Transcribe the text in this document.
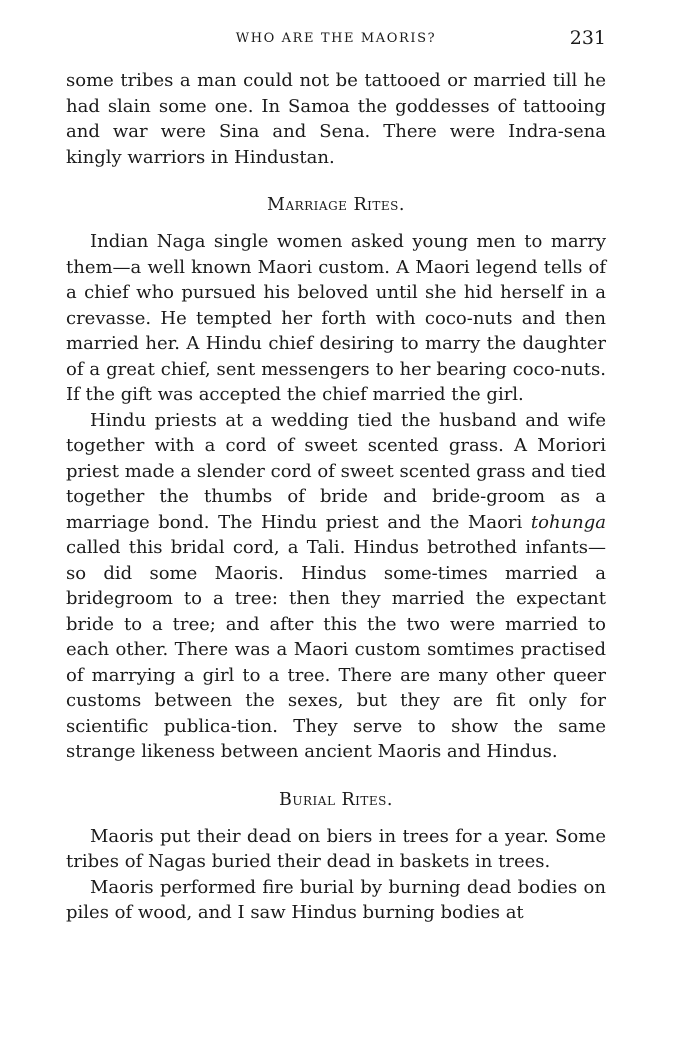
WHO ARE THE MAORIS?	231

some tribes a man could not be tattooed or married till he had slain some one. In Samoa the goddesses of tattooing and war were Sina and Sena. There were Indra-sena kingly warriors in Hindustan.

Marriage Rites.

Indian Naga single women asked young men to marry them—a well known Maori custom. A Maori legend tells of a chief who pursued his beloved until she hid herself in a crevasse. He tempted her forth with coco-nuts and then married her. A Hindu chief desiring to marry the daughter of a great chief, sent messengers to her bearing coco-nuts. If the gift was accepted the chief married the girl.

Hindu priests at a wedding tied the husband and wife together with a cord of sweet scented grass. A Moriori priest made a slender cord of sweet scented grass and tied together the thumbs of bride and bride-groom as a marriage bond. The Hindu priest and the Maori tohunga called this bridal cord, a Tali. Hindus betrothed infants—so did some Maoris. Hindus some-times married a bridegroom to a tree: then they married the expectant bride to a tree; and after this the two were married to each other. There was a Maori custom somtimes practised of marrying a girl to a tree. There are many other queer customs between the sexes, but they are fit only for scientific publica-tion. They serve to show the same strange likeness between ancient Maoris and Hindus.

Burial Rites.

Maoris put their dead on biers in trees for a year. Some tribes of Nagas buried their dead in baskets in trees.

Maoris performed fire burial by burning dead bodies on piles of wood, and I saw Hindus burning bodies at
